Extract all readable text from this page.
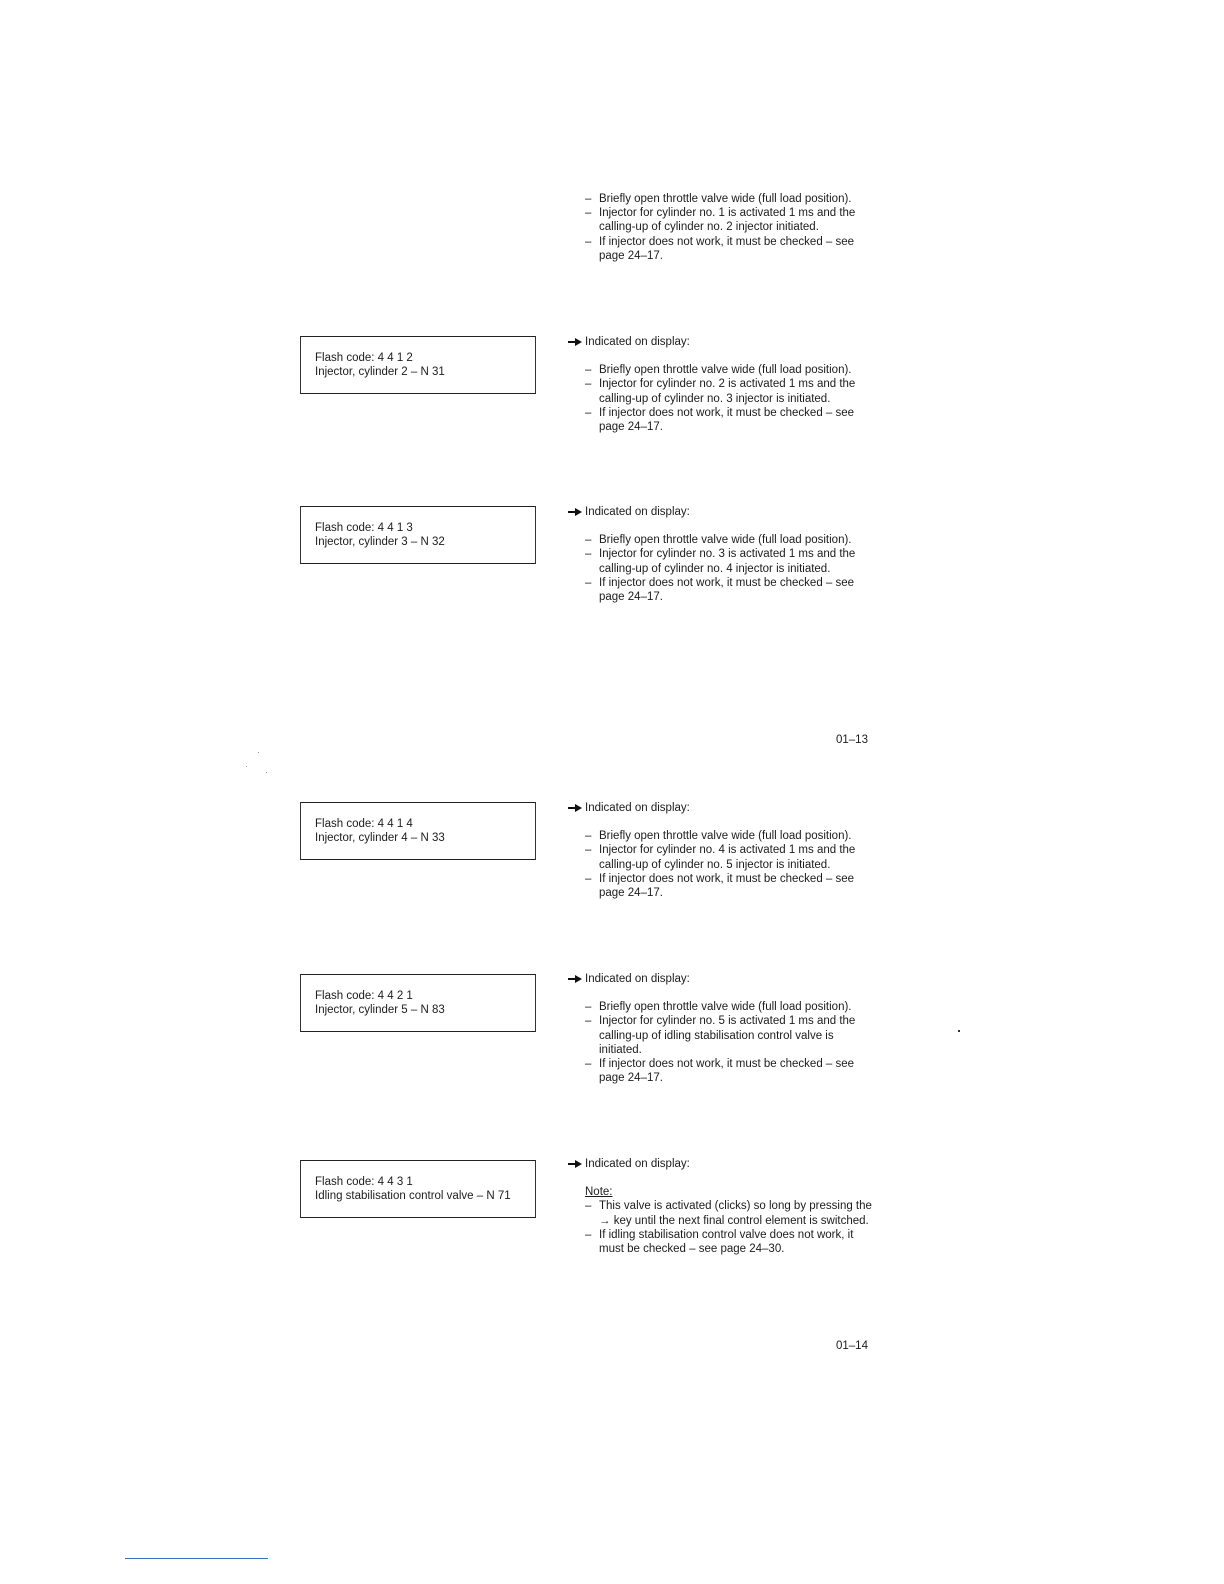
– Briefly open throttle valve wide (full load position).
– Injector for cylinder no. 1 is activated 1 ms and the calling-up of cylinder no. 2 injector initiated.
– If injector does not work, it must be checked – see page 24–17.
Flash code: 4 4 1 2
Injector, cylinder 2 – N 31
Indicated on display:
– Briefly open throttle valve wide (full load position).
– Injector for cylinder no. 2 is activated 1 ms and the calling-up of cylinder no. 3 injector is initiated.
– If injector does not work, it must be checked – see page 24–17.
Flash code: 4 4 1 3
Injector, cylinder 3 – N 32
Indicated on display:
– Briefly open throttle valve wide (full load position).
– Injector for cylinder no. 3 is activated 1 ms and the calling-up of cylinder no. 4 injector is initiated.
– If injector does not work, it must be checked – see page 24–17.
01–13
Flash code: 4 4 1 4
Injector, cylinder 4 – N 33
Indicated on display:
– Briefly open throttle valve wide (full load position).
– Injector for cylinder no. 4 is activated 1 ms and the calling-up of cylinder no. 5 injector is initiated.
– If injector does not work, it must be checked – see page 24–17.
Flash code: 4 4 2 1
Injector, cylinder 5 – N 83
Indicated on display:
– Briefly open throttle valve wide (full load position).
– Injector for cylinder no. 5 is activated 1 ms and the calling-up of idling stabilisation control valve is initiated.
– If injector does not work, it must be checked – see page 24–17.
Flash code: 4 4 3 1
Idling stabilisation control valve – N 71
Indicated on display:
Note:
– This valve is activated (clicks) so long by pressing the → key until the next final control element is switched.
– If idling stabilisation control valve does not work, it must be checked – see page 24–30.
01–14
